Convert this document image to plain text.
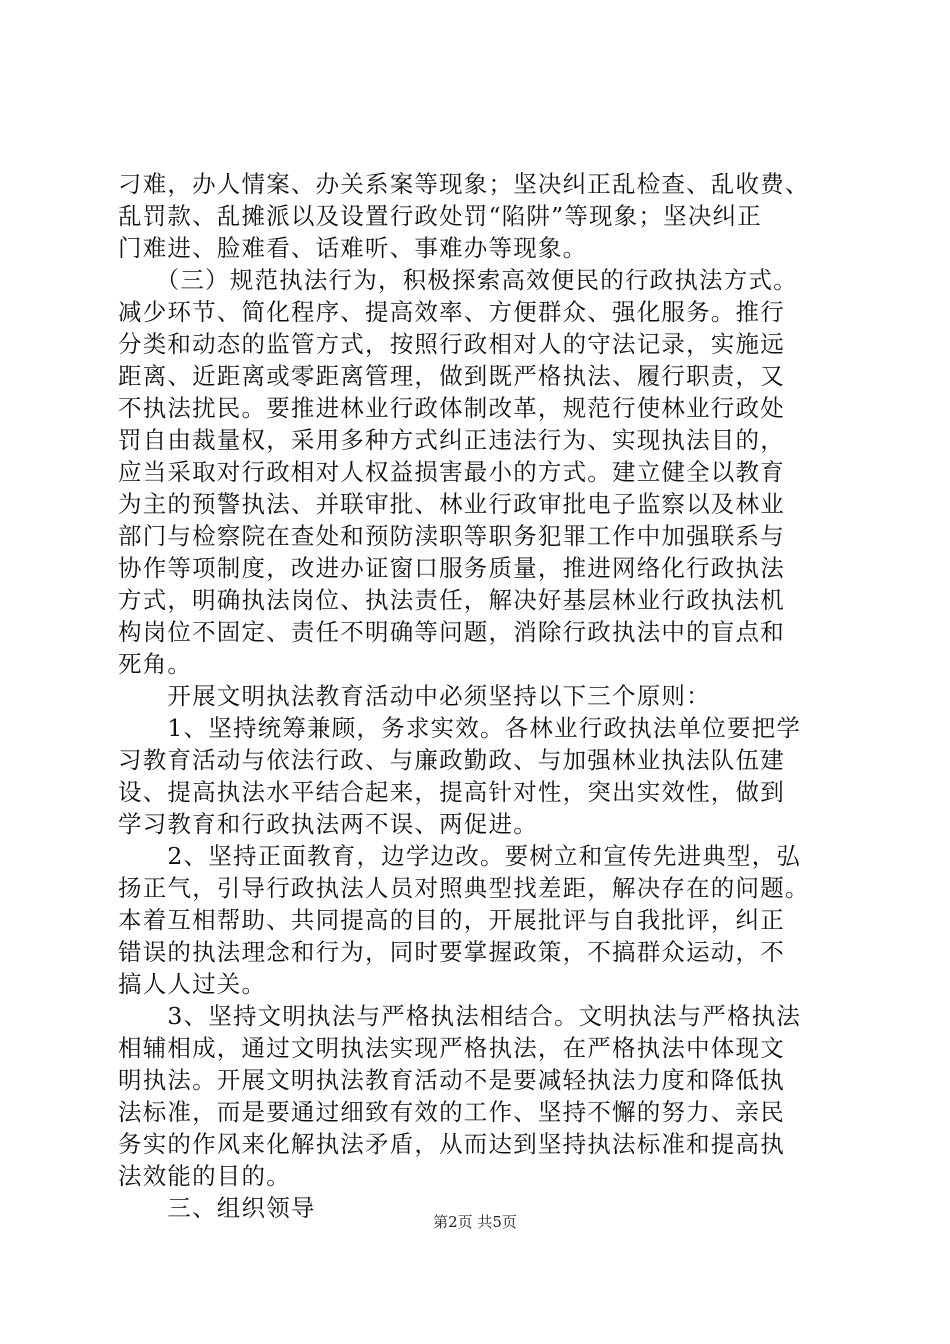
刁难，办人情案、办关系案等现象；坚决纠正乱检查、乱收费、
乱罚款、乱摊派以及设置行政处罚“陷阱”等现象；坚决纠正
门难进、脸难看、话难听、事难办等现象。
　　（三）规范执法行为，积极探索高效便民的行政执法方式。
减少环节、简化程序、提高效率、方便群众、强化服务。推行
分类和动态的监管方式，按照行政相对人的守法记录，实施远
距离、近距离或零距离管理，做到既严格执法、履行职责，又
不执法扰民。要推进林业行政体制改革，规范行使林业行政处
罚自由裁量权，采用多种方式纠正违法行为、实现执法目的，
应当采取对行政相对人权益损害最小的方式。建立健全以教育
为主的预警执法、并联审批、林业行政审批电子监察以及林业
部门与检察院在查处和预防渎职等职务犯罪工作中加强联系与
协作等项制度，改进办证窗口服务质量，推进网络化行政执法
方式，明确执法岗位、执法责任，解决好基层林业行政执法机
构岗位不固定、责任不明确等问题，消除行政执法中的盲点和
死角。
　　开展文明执法教育活动中必须坚持以下三个原则：
　　1、坚持统筹兼顾，务求实效。各林业行政执法单位要把学
习教育活动与依法行政、与廉政勤政、与加强林业执法队伍建
设、提高执法水平结合起来，提高针对性，突出实效性，做到
学习教育和行政执法两不误、两促进。
　　2、坚持正面教育，边学边改。要树立和宣传先进典型，弘
扬正气，引导行政执法人员对照典型找差距，解决存在的问题。
本着互相帮助、共同提高的目的，开展批评与自我批评，纠正
错误的执法理念和行为，同时要掌握政策，不搞群众运动，不
搞人人过关。
　　3、坚持文明执法与严格执法相结合。文明执法与严格执法
相辅相成，通过文明执法实现严格执法，在严格执法中体现文
明执法。开展文明执法教育活动不是要减轻执法力度和降低执
法标准，而是要通过细致有效的工作、坚持不懈的努力、亲民
务实的作风来化解执法矛盾，从而达到坚持执法标准和提高执
法效能的目的。
　　三、组织领导	第2页 共5页
